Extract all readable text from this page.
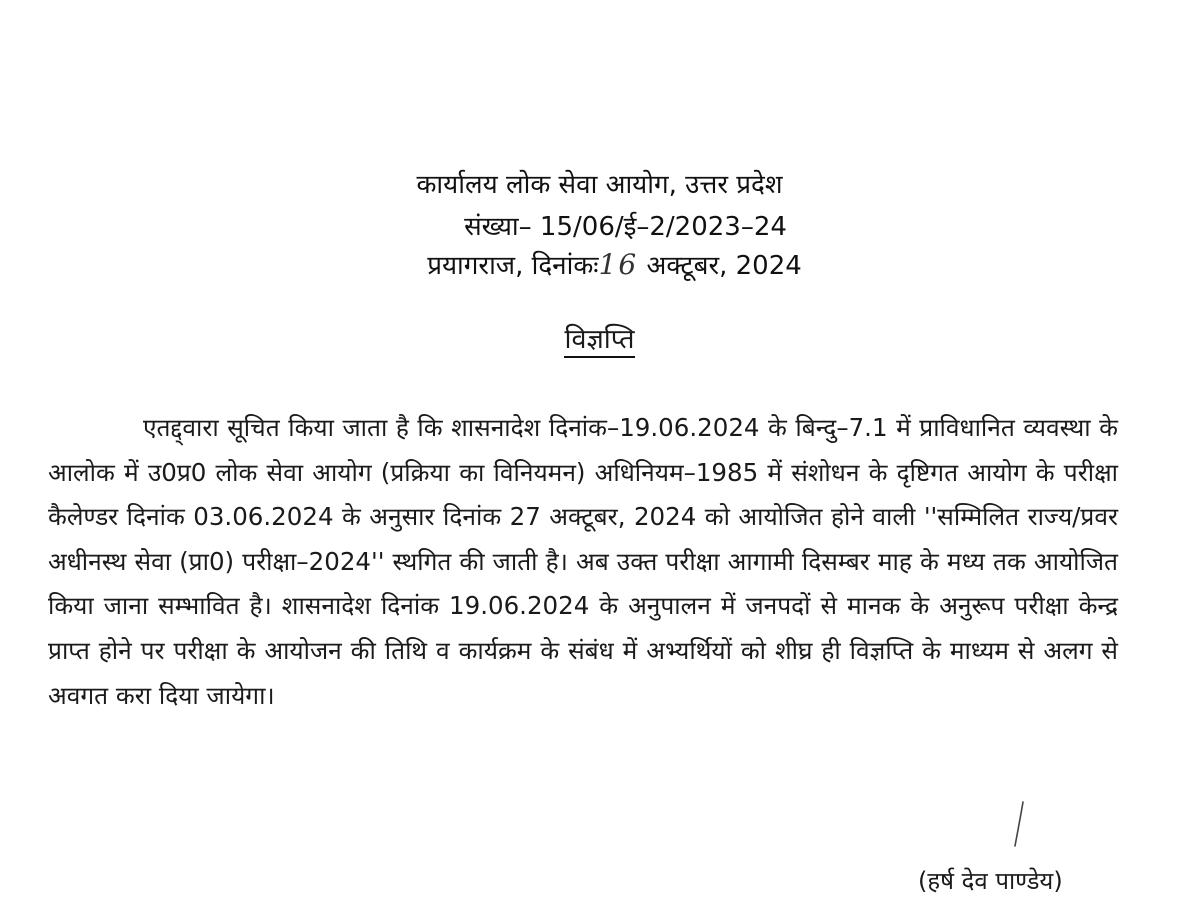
कार्यालय लोक सेवा आयोग, उत्तर प्रदेश
संख्या– 15/06/ई–2/2023–24
प्रयागराज, दिनांकः16 अक्टूबर, 2024
विज्ञप्ति

एतद्द्वारा सूचित किया जाता है कि शासनादेश दिनांक–19.06.2024 के बिन्दु–7.1 में प्राविधानित व्यवस्था के आलोक में उ0प्र0 लोक सेवा आयोग (प्रक्रिया का विनियमन) अधिनियम–1985 में संशोधन के दृष्टिगत आयोग के परीक्षा कैलेण्डर दिनांक 03.06.2024 के अनुसार दिनांक 27 अक्टूबर, 2024 को आयोजित होने वाली ''सम्मिलित राज्य/प्रवर अधीनस्थ सेवा (प्रा0) परीक्षा–2024'' स्थगित की जाती है। अब उक्त परीक्षा आगामी दिसम्बर माह के मध्य तक आयोजित किया जाना सम्भावित है। शासनादेश दिनांक 19.06.2024 के अनुपालन में जनपदों से मानक के अनुरूप परीक्षा केन्द्र प्राप्त होने पर परीक्षा के आयोजन की तिथि व कार्यक्रम के संबंध में अभ्यर्थियों को शीघ्र ही विज्ञप्ति के माध्यम से अलग से अवगत करा दिया जायेगा।

(हर्ष देव पाण्डेय)
